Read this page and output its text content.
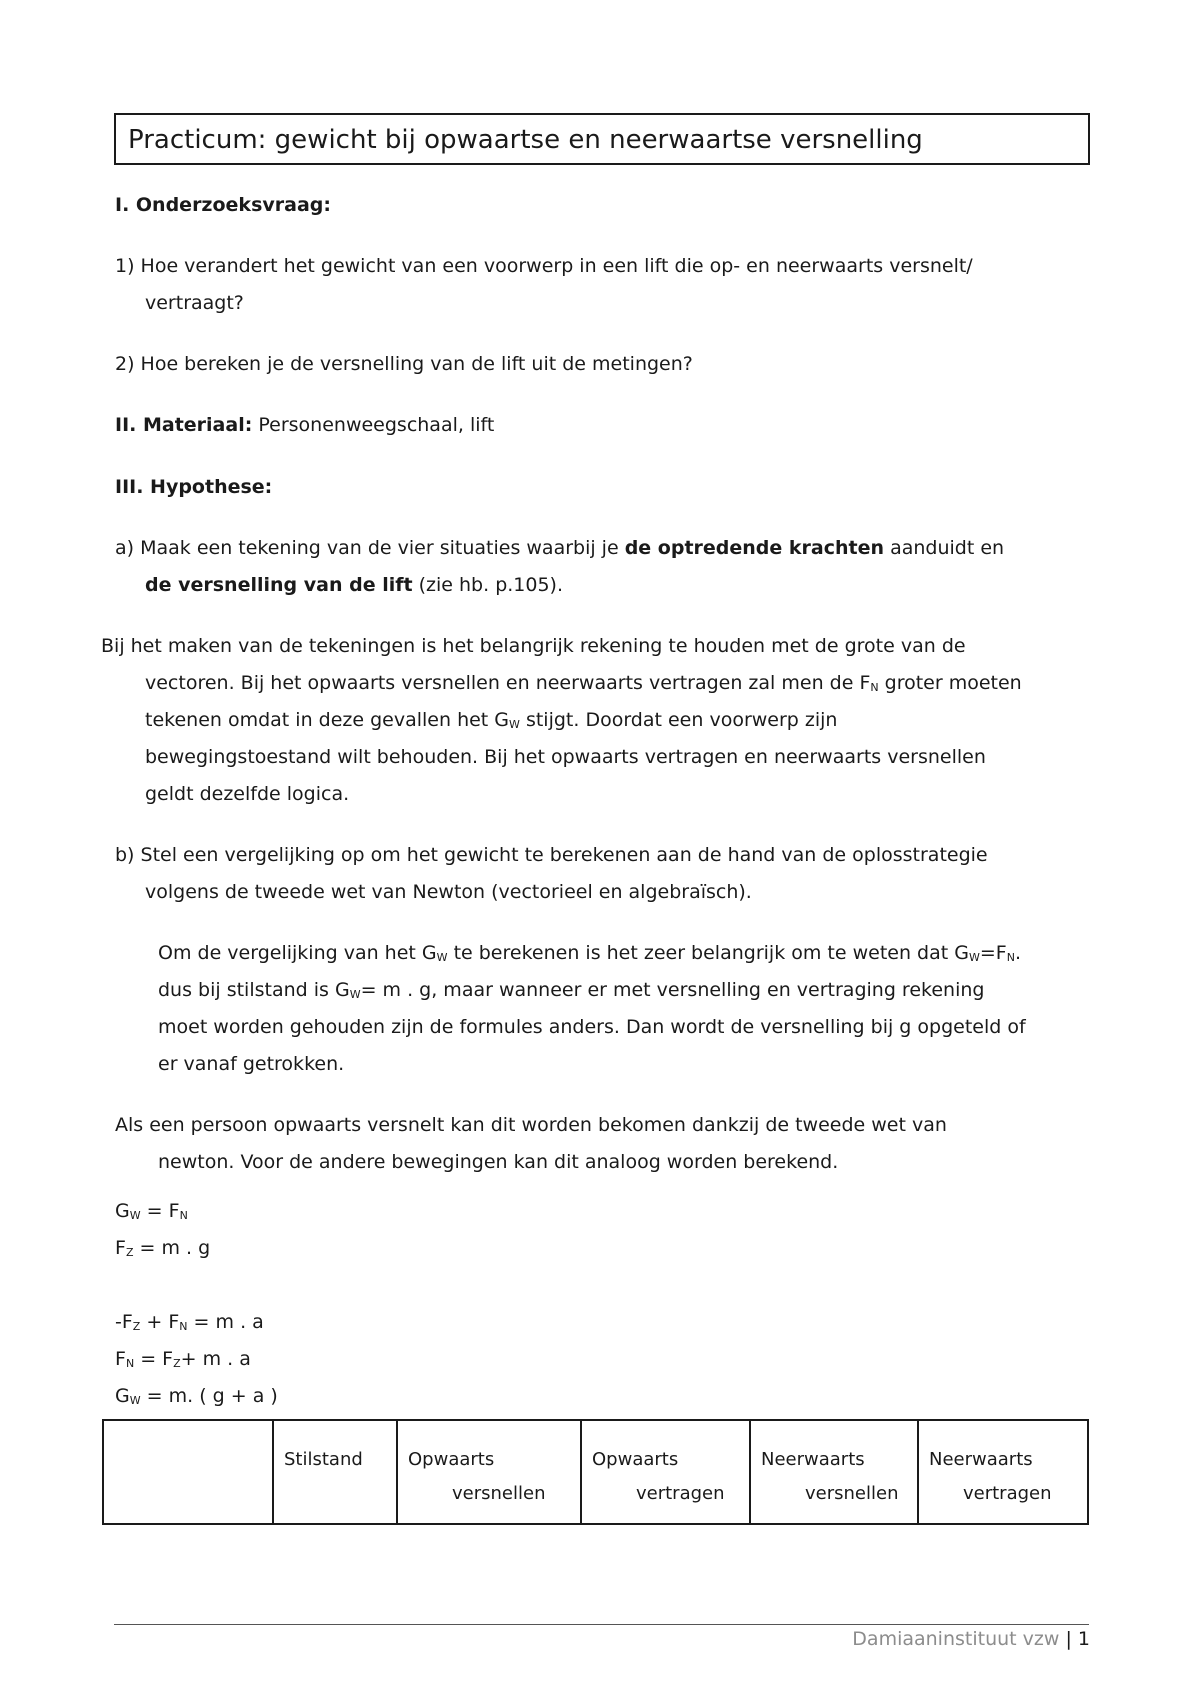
Practicum: gewicht bij opwaartse en neerwaartse versnelling
I. Onderzoeksvraag:
1) Hoe verandert het gewicht van een voorwerp in een lift die op- en neerwaarts versnelt/
vertraagt?
2) Hoe bereken je de versnelling van de lift uit de metingen?
II. Materiaal: Personenweegschaal, lift
III. Hypothese:
a) Maak een tekening van de vier situaties waarbij je de optredende krachten aanduidt en
de versnelling van de lift (zie hb. p.105).
Bij het maken van de tekeningen is het belangrijk rekening te houden met de grote van de
vectoren. Bij het opwaarts versnellen en neerwaarts vertragen zal men de $F_N$ groter moeten
tekenen omdat in deze gevallen het $G_W$ stijgt. Doordat een voorwerp zijn
bewegingstoestand wilt behouden. Bij het opwaarts vertragen en neerwaarts versnellen
geldt dezelfde logica.
b) Stel een vergelijking op om het gewicht te berekenen aan de hand van de oplosstrategie
volgens de tweede wet van Newton (vectorieel en algebraïsch).
Om de vergelijking van het $G_W$ te berekenen is het zeer belangrijk om te weten dat $G_W=F_N$.
dus bij stilstand is $G_W= m$ . g, maar wanneer er met versnelling en vertraging rekening
moet worden gehouden zijn de formules anders. Dan wordt de versnelling bij g opgeteld of
er vanaf getrokken.
Als een persoon opwaarts versnelt kan dit worden bekomen dankzij de tweede wet van
newton. Voor de andere bewegingen kan dit analoog worden berekend.
$G_W = F_N$
$F_Z = m$ . g
$-F_Z + F_N = m$ . a
$F_N = F_Z+ m$ . a
$G_W = m$. ( g + a )
	Stilstand	Opwaarts
versnellen
	Opwaarts
vertragen
	Neerwaarts
versnellen
	Neerwaarts
vertragen
Damiaaninstituut vzw | 1
